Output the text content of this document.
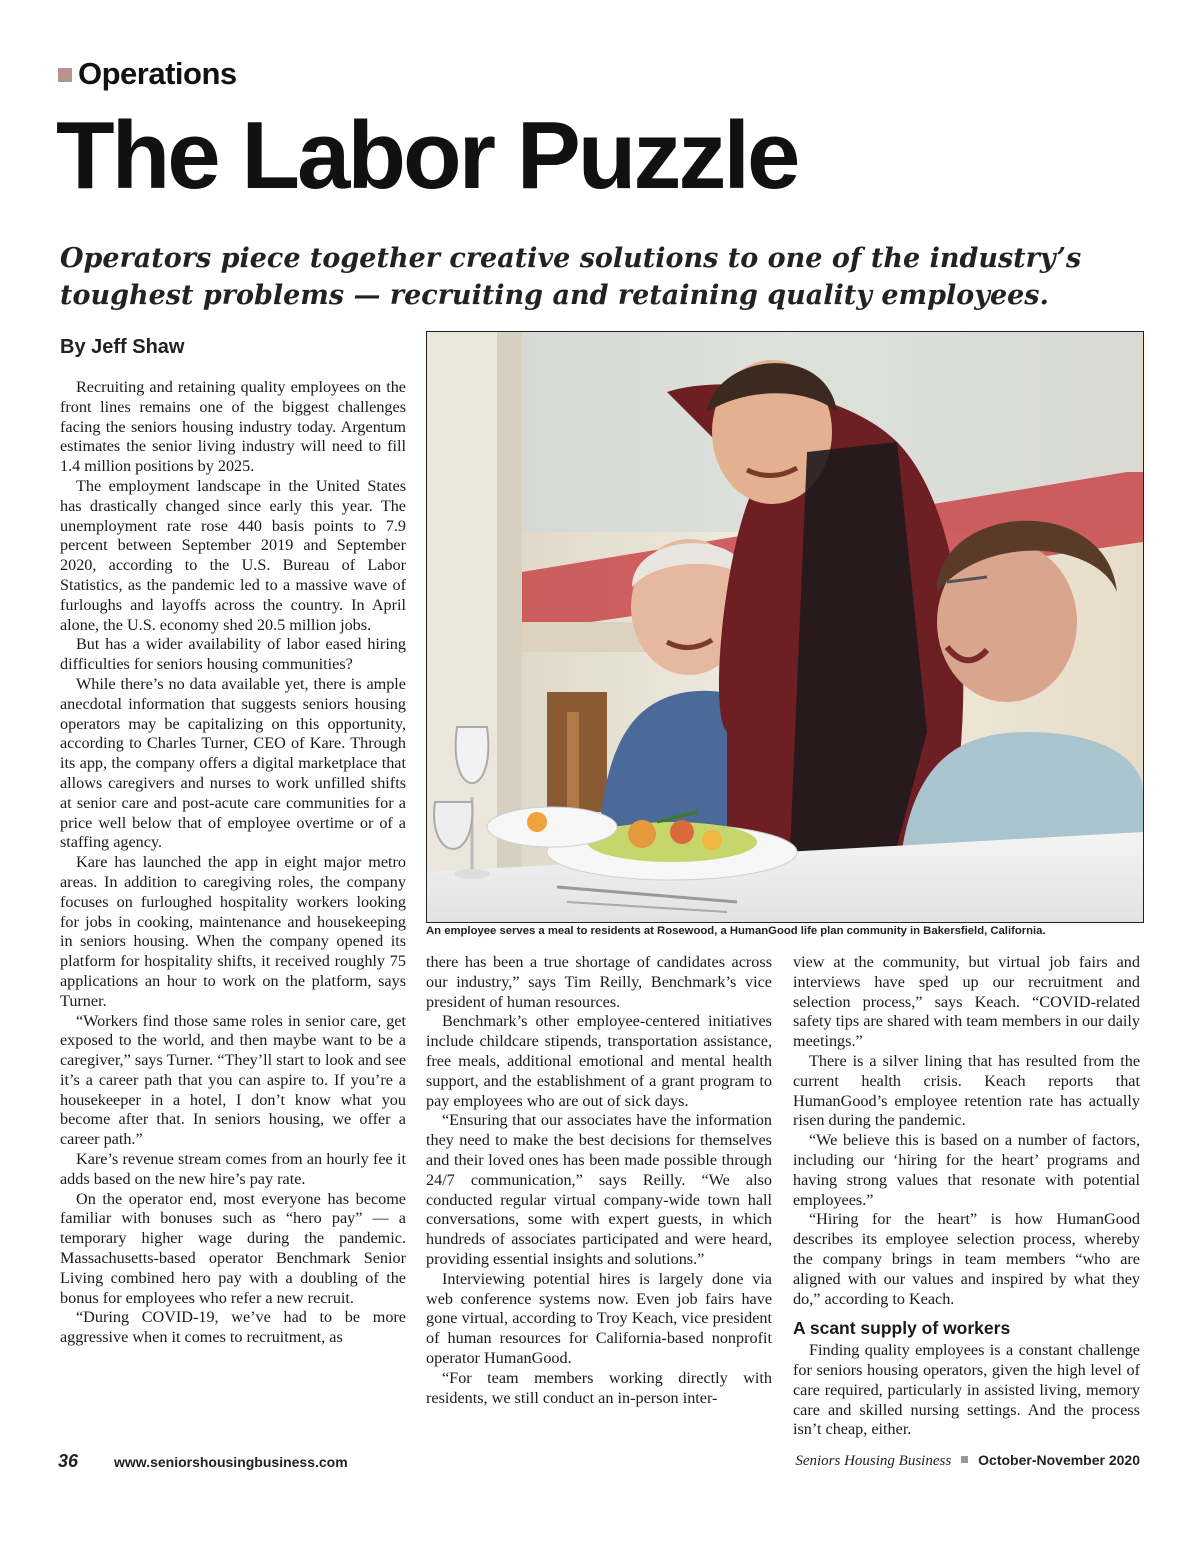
Operations
The Labor Puzzle
Operators piece together creative solutions to one of the industry’s toughest problems — recruiting and retaining quality employees.
By Jeff Shaw

Recruiting and retaining quality employees on the front lines remains one of the biggest challenges facing the seniors housing industry today. Argentum estimates the senior living industry will need to fill 1.4 million positions by 2025.

The employment landscape in the United States has drastically changed since early this year. The unemployment rate rose 440 basis points to 7.9 percent between September 2019 and September 2020, according to the U.S. Bureau of Labor Statistics, as the pandemic led to a massive wave of furloughs and layoffs across the country. In April alone, the U.S. economy shed 20.5 million jobs.

But has a wider availability of labor eased hiring difficulties for seniors housing communities?

While there’s no data available yet, there is ample anecdotal information that suggests seniors housing operators may be capitalizing on this opportunity, according to Charles Turner, CEO of Kare. Through its app, the company offers a digital marketplace that allows caregivers and nurses to work unfilled shifts at senior care and post-acute care communities for a price well below that of employee overtime or of a staffing agency.

Kare has launched the app in eight major metro areas. In addition to caregiving roles, the company focuses on furloughed hospitality workers looking for jobs in cooking, maintenance and housekeeping in seniors housing. When the company opened its platform for hospitality shifts, it received roughly 75 applications an hour to work on the platform, says Turner.

“Workers find those same roles in senior care, get exposed to the world, and then maybe want to be a caregiver,” says Turner. “They’ll start to look and see it’s a career path that you can aspire to. If you’re a housekeeper in a hotel, I don’t know what you become after that. In seniors housing, we offer a career path.”

Kare’s revenue stream comes from an hourly fee it adds based on the new hire’s pay rate.

On the operator end, most everyone has become familiar with bonuses such as “hero pay” — a temporary higher wage during the pandemic. Massachusetts-based operator Benchmark Senior Living combined hero pay with a doubling of the bonus for employees who refer a new recruit.

“During COVID-19, we’ve had to be more aggressive when it comes to recruitment, as

An employee serves a meal to residents at Rosewood, a HumanGood life plan community in Bakersfield, California.

there has been a true shortage of candidates across our industry,” says Tim Reilly, Benchmark’s vice president of human resources.

Benchmark’s other employee-centered initiatives include childcare stipends, transportation assistance, free meals, additional emotional and mental health support, and the establishment of a grant program to pay employees who are out of sick days.

“Ensuring that our associates have the information they need to make the best decisions for themselves and their loved ones has been made possible through 24/7 communication,” says Reilly. “We also conducted regular virtual company-wide town hall conversations, some with expert guests, in which hundreds of associates participated and were heard, providing essential insights and solutions.”

Interviewing potential hires is largely done via web conference systems now. Even job fairs have gone virtual, according to Troy Keach, vice president of human resources for California-based nonprofit operator HumanGood.

“For team members working directly with residents, we still conduct an in-person inter-

view at the community, but virtual job fairs and interviews have sped up our recruitment and selection process,” says Keach. “COVID-related safety tips are shared with team members in our daily meetings.”

There is a silver lining that has resulted from the current health crisis. Keach reports that HumanGood’s employee retention rate has actually risen during the pandemic.

“We believe this is based on a number of factors, including our ‘hiring for the heart’ programs and having strong values that resonate with potential employees.”

“Hiring for the heart” is how HumanGood describes its employee selection process, whereby the company brings in team members “who are aligned with our values and inspired by what they do,” according to Keach.

A scant supply of workers

Finding quality employees is a constant challenge for seniors housing operators, given the high level of care required, particularly in assisted living, memory care and skilled nursing settings. And the process isn’t cheap, either.

36	www.seniorshousingbusiness.com	Seniors Housing Business October-November 2020
